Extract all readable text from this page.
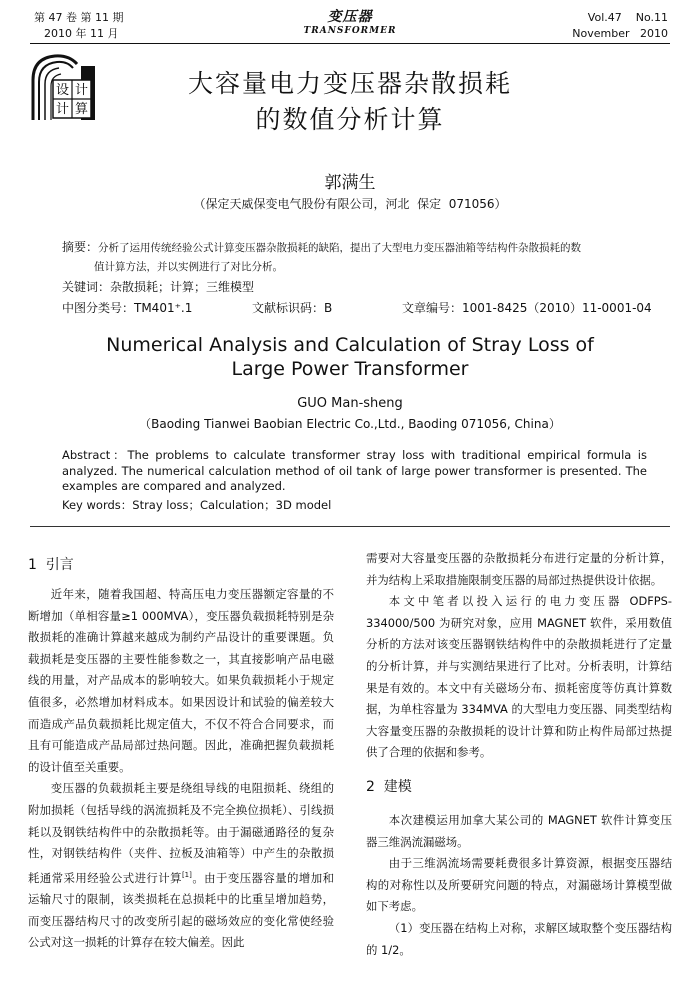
第 47 卷 第 11 期
2010 年 11 月
变压器
TRANSFORMER
Vol.47    No.11
November   2010
设 计
计 算
大容量电力变压器杂散损耗
的数值分析计算
郭满生
（保定天威保变电气股份有限公司，河北  保定  071056）
摘要：分析了运用传统经验公式计算变压器杂散损耗的缺陷，提出了大型电力变压器油箱等结构件杂散损耗的数
值计算方法，并以实例进行了对比分析。
关键词：杂散损耗；计算；三维模型
中图分类号：TM401⁺.1	文献标识码：B	文章编号：1001-8425（2010）11-0001-04
Numerical Analysis and Calculation of Stray Loss of
Large Power Transformer
GUO Man-sheng
（Baoding Tianwei Baobian Electric Co.,Ltd., Baoding 071056, China）
Abstract：The problems to calculate transformer stray loss with traditional empirical formula is analyzed. The numerical calculation method of oil tank of large power transformer is presented. The examples are compared and analyzed.
Key words：Stray loss；Calculation；3D model
1  引言

近年来，随着我国超、特高压电力变压器额定容量的不断增加（单相容量≥1 000MVA），变压器负载损耗特别是杂散损耗的准确计算越来越成为制约产品设计的重要课题。负载损耗是变压器的主要性能参数之一，其直接影响产品电磁线的用量，对产品成本的影响较大。如果负载损耗小于规定值很多，必然增加材料成本。如果因设计和试验的偏差较大而造成产品负载损耗比规定值大，不仅不符合合同要求，而且有可能造成产品局部过热问题。因此，准确把握负载损耗的设计值至关重要。

变压器的负载损耗主要是绕组导线的电阻损耗、绕组的附加损耗（包括导线的涡流损耗及不完全换位损耗）、引线损耗以及钢铁结构件中的杂散损耗等。由于漏磁通路径的复杂性，对钢铁结构件（夹件、拉板及油箱等）中产生的杂散损耗通常采用经验公式进行计算[1]。由于变压器容量的增加和运输尺寸的限制，该类损耗在总损耗中的比重呈增加趋势，而变压器结构尺寸的改变所引起的磁场效应的变化常使经验公式对这一损耗的计算存在较大偏差。因此

需要对大容量变压器的杂散损耗分布进行定量的分析计算，并为结构上采取措施限制变压器的局部过热提供设计依据。

本文中笔者以投入运行的电力变压器 ODFPS-334000/500 为研究对象，应用 MAGNET 软件，采用数值分析的方法对该变压器钢铁结构件中的杂散损耗进行了定量的分析计算，并与实测结果进行了比对。分析表明，计算结果是有效的。本文中有关磁场分布、损耗密度等仿真计算数据，为单柱容量为 334MVA 的大型电力变压器、同类型结构大容量变压器的杂散损耗的设计计算和防止构件局部过热提供了合理的依据和参考。

2  建模

本次建模运用加拿大某公司的 MAGNET 软件计算变压器三维涡流漏磁场。

由于三维涡流场需要耗费很多计算资源，根据变压器结构的对称性以及所要研究问题的特点，对漏磁场计算模型做如下考虑。

（1）变压器在结构上对称，求解区域取整个变压器结构的 1/2。
